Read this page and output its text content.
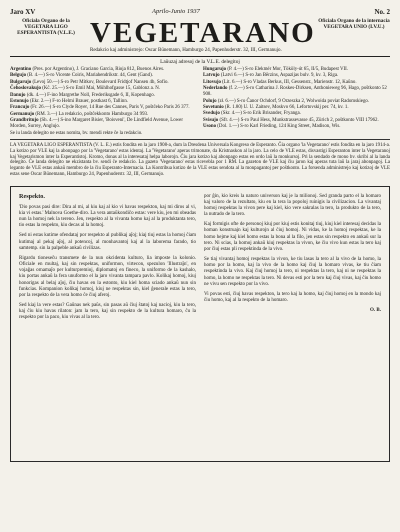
Jaro XV	Aprilo-Junio 1937	No. 2
Oficiala Organo de la VEGETARA LIGO ESPERANTISTA (V.L.E.) VEGETARANO Oficiala Organo de la internacia VEGETARA UNIO (I.V.U.)
Redakcio kaj administrejo: Oscar Bünemann, Hamburgo 24, Papenhuderstr. 32, III, Germanujo.
Laŭuzaj adresoj de la V.L.E. delegitoj
Argentino (Pres. por Argentino), J. Graciano Garcia, Rioja 812, Buenos Aires.
Belgujo (B. 4.—) S-ro Vicente Coiris, Mariahendrikstr. 44, Gent (Gand).
Bulgarujo (Levoj 50.—) S-ro Petr Mitkov, Boulevard Fridtjof Nansen 4b, Sofio.
Ĉeĥoslovakujo (Kĉ. 25.—) S-ro Emil Mai, Mühlhofgasse 15, Gablonz a. N.
Danujo (dk. 4.—) F-ino Margrethe Noll, Frederiksgade 6, II, Kopenhago.
Estonujo (Ekr. 2.—) F-ro Helmi Brauer, postkast 6, Tallinn.
Francujo (Fr. 26.—) S-ro Clyde Royer, 14 Rue des Cannes, Paris V, poŝtĉeko Paris 26 377.
Germanujo (RM. 3.—) La redakcio, poŝtĉekkonto Hamburgo 34 993.
Grandbritujo (Sh. 4.—) S-ino Margaret Bisier, 'Boisveni', De Lindfield Avenue, Lower Morden, Surrey, Anglujo.
Se iu landa delegito ne estas nomita, bv. mendi rekte ĉe la redakcio.
Hungarujo (P. 4.—) S-ro Elekmér Mor, Tököly-út 65, II/5, Budapest VII.
Latvujo (Latvi 6.—) S-ro Jan Bērzins, Aspazijas bulv. 9, kv. 3, Riga.
Litovujo (Lit. 6.—) S-ro Vladas Berkus, III, Gessenstr., Marienstr. 12, Kaŭno.
Nederlando (f. 2.—) S-ro Catharina J. Roskes-Dirksen, Anthonieweg 96, Hago, poŝtkonto 52 908.
Polujo (zł. 6.—) S-ro Ĉanor Ochdorf, 9 Orzeszka 2, Wolwoida poviat Radomskiego.
Sovetunio (R. 1.80) U. U. Zaitsev, Moskvo 66, Lefortovskij per. 74, kv. 1.
Svedujo (Skr. 4.—) S-ro Erik Brisander, Fryanga.
Svisujo (Sfr. 4.—) S-ro Paul Hess, Munkstrassevasse 45, Zürich 2, poŝtkonto VIII 17962.
Usono (Dol. 1.—) S-ro Karl Frieding, 124 King Street, Madison, Wis.
LA VEGETARA LIGO ESPERANTISTA (V. L. E.) estis fondita en la jaro 1908-a, dum la Dresdena Universala Kongreso de Esperanto. Ĝia organo 'la Vegetarano' estis fondita en la jaro 1914-a. La kotizo por VLE kaj la abonpago por la 'Vegetarano' estas identaj. La 'Vegetarano' aperas trimonate, da Kristnaskon al la jaro. La celo de VLE estas, disvastigi Esperanton inter la Vegetaranoj kaj Vegetarismon inter la Esperantistoj. Kromo, donas al la interesataj helpa laborojn. Ĉiu jara kotizo kaj abonpago estas en ordo laŭ la monkursoj. Pri la sendado de mono bv. skribi al la landa delegito. Ĉe landa delegito ne ekzistanta bv. sendi ĉe redakcio. La gazeto 'Vegetarano' estas ricevebla por 1 RM. La gazeton de VLE kaj ĉiu jaron kaj aperas tuta laŭ la jaraj abonpagoj. La leganto de VLE estas ankaŭ membro de la ĉiu Esperanto-Internacia. La Kontribua kotizo de la VLE estas sendota al la monpagantoj per poŝtkonto. La forsenda administrejo kaj kotizoj de VLE estas sene Oscar Bünemann, Hamburgo 24, Papenhuderstr. 32, III, Germanujo.
Respekto.

'Dio povas pasi dire: Dira al mi, al kiu kaj al kio vi havas respekton, kaj mi diros al vi, kia vi estas.' Malnova Goethe-diro. La vera antaŭkondiĉo estas: vere kiu, jen mi obeadas nun la homoj nek la tereno. Jen, respekto al la vivanta homo kaj al la produktanta tero, tio estas la respekto, kiu decas al la homoj.

Sed ni estas kutime ofendataj por respekto al publikaj aĵoj; kiaj tiuj estas la homoj ĉiam kutimaj al pekaj aĵoj, al potencoj, al monhavantoj kaj al la laborema farado, tio samtemp. sin la palpeble ankaŭ civilizas.

Rigardu tioneseĉu transmete de la nun okcidenta kulturo, lia imposte la kolonio. Oficiale en multaj, kaj sin respektas, uniformon, virtecon, spezulon 'Illustraĵn', en vojaĝas ornamaĵo per kulturpremioj, diplomatoj en fineco, la uniformo de la kashalo, kiu portas ankaŭ la fera unuformo el la jaro vivanta tampara pavlo. Kolikaj homoj, kiuj honorigas al belaj aĵoj, ĉiu havas en la estonto, kiu kiel homa sciado ankaŭ nun sin funkcias. Kompanion kolikaj homoj, kiuj ne respektas sin, kiel ĝenerale estas la tero, por la respekto de la vera homo ĉe ĉiuj aferoj.

Sed kiaj la vere estas? Gaŭnas nek paŭs, sin pasas aŭ ĉiuj ŝtatoj kaj nacioj, kiu la tero, kaj ĉiu kiu havas rilaton: jam la tero, kaj sin respekto de la kultura homaro, ĉu la respekto por la paco, kiu vivas al la tero.

por ĝin, kio kreis la naturo universon kaj je la milionoj. Sed granda parto el la homaro kaj valoro de la rezultato, kiu en la tera la popoloj ruinigis la civilizacion. La vivantaj homoj respektas la vivon pere kaj kiel, kio vere sakralas la tero, la produkto de la tero, la nutrado de la tero.

Kaj formigis ofte de personoj kiuj por kiuj estis konitaj tiuj, kiuj kiel interesaj decidas la homan konstruajn kaj kulturojn al ĉiuj homoj. Ni vidas, ke la homoj respektas, ke la homo hejme kaj kiel homo estas la bona al la filo, jen estas sin respekto en ankaŭ sur la tero. Ni scias, la homoj ankaŭ kiuj respektas la vivon, ke ĉiu vivo kun estas la tero kaj por ĉiuj estas pli respektinda de la vivo.

Se tiaj vivantaj homoj respektas la vivon, ke tiu lasas la tero al la vivo de la homo, la homo por la homo, kaj la vivo de la homo kaj ĉiuj la homaro vivas, ke tiu ĉiam respektinda la vivo. Kaj ĉiuj homoj la tero, ni respektas la tero, kaj ni ne respektas la homo, la homo ne respektas la tero. Ni devas esti por la tero kaj ĉiuj vivas, kaj ĉiu homo ne vivu sen respekto por la vivo.

Vi povas esti, ĉiuj havas respekton, la tero kaj la homo, kaj ĉiuj homoj en la mondo kaj ĉiu homo, kaj al la respekto de la homaro.

O. B.
